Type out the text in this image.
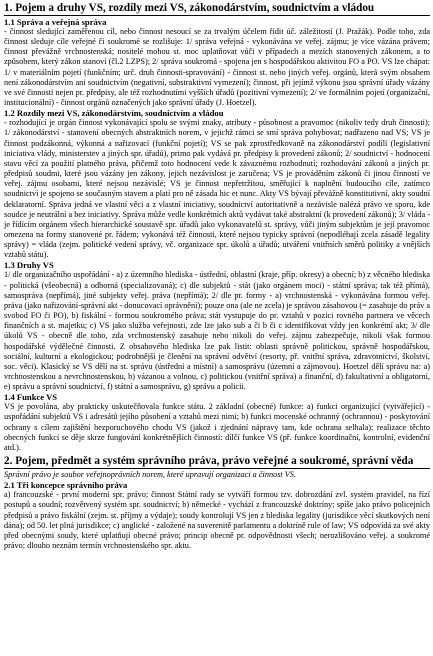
1. Pojem a druhy VS, rozdíly mezi VS, zákonodárstvím, soudnictvím a vládou
1.1 Správa a veřejná správa

- činnost sledující zaměřenou cíl, nebo činnost nesoucí se za trvalým účelem řídit úč. záležitostí (J. Pražák). Podle toho, zda činnost sleduje cíle veřejné či soukromé se rozlišuje: 1/ správa veřejná - vykonávána ve veřej. zájmu; je více vázána právem; činnost převážně vrchnostenská; nositelé mohou st. moc uplatňovat vůči v případech a mezích stanovených zákonem, a to způsobem, který zákon stanoví (čl.2 LZPS); 2/ správa soukromá - spojena jen s hospodářskou aktivitou FO a PO. VS lze chápat: 1/ v materiálním pojetí (funkčním; urč. druh činnosti-spravování) - činnost st. nebo jiných veřej. orgánů, která svým obsahem není zákonodárstvím ani soudnictvím (negativní, substraktivní vymezení); činnost, při jejímž výkonu jsou správní úřady vázány ve své činnosti nejen pr. předpisy, ale též rozhodnutími vyšších úřadů (pozitivní vymezení); 2/ ve formálním pojetí (organizační, institucionální) - činnost orgánů označených jako správní úřady (J. Hoetzel).

1.2 Rozdíly mezi VS, zákonodárstvím, soudnictvím a vládou

- rozhodující je orgán činnost vykonávající spolu se svými znaky, atributy - působnost a pravomoc (nikoliv tedy druh činnosti); 1/ zákonodárství - stanovení obecných abstraktních norem, v jejichž rámci se smí správa pohybovat; nadřazeno nad VS; VS je činnost podzákonná, výkonná a nařizovací (funkční pojetí); VS se pak zprostředkovaně na zákonodárství podílí (legislativní iniciativa vlády, ministerstev a jiných spr. úřadů), primo pak vydává pr. předpisy k provedení zákonů; 2/ soudnictví - hodnocení stavu věcí za použití platného práva, přičemž toto hodnocení vede k závaznému rozhodnutí; rozhodování zákonů a jiných pr. předpisů soudmi, které jsou vázány jen zákony, jejich nezávislost je zaručena; VS je prováděním zákonů či jinou činností ve veřej. zájmu osobami, které nejsou nezávislé; VS je činnost nepřetržitou, směřující k naplnění budoucího cíle, zatímco soudnictví je spojeno se současným stavem a platí pro ně zásada hic et nunc. Akty VS bývají převážně konstitutivní, akty soudní deklaratorní. Správa jedná ve vlastní věci a z vlastní iniciativy, soudnictví autoritativně a nezávisle nalézá právo ve sporu, kde soudce je neutrální a bez iniciativy. Správa může vedle konkrétních aktů vydávat také abstraktní (k provedení zákonů); 3/ vláda - je řídícím orgánem všech hierarchické soustavě spr. úřadů jako vykonavatelů st. správy, vůči jiným subjektům je její pravomoc omezena na formy stanovené pr. řádem; vykonává též činnosti, které nejsou typicky správní (nepodléhají zcela zásadě legality správy) = vláda (zejm. politické vedení správy, vč. organizace spr. úkolů a úřadů; utváření vnitřních směrů politiky a vnějších vztahů státu).

1.3 Druhy VS

1/ dle organizačního uspořádání - a) z územního hlediska - ústřední, oblastní (kraje, příp. okresy) a obecní; b) z věcného hlediska - politická (všeobecná) a odborná (specializovaná); c) dle subjektů - stát (jako orgánem moci) - státní správa; tak též přímá), samospráva (nepřímá), jiné subjekty veřej. práva (nepřímá); 2/ dle pr. formy - a) vrchnostenská - vykonávána formou veřej. práva (jako nařizování-správní akt - donucovací oprávnění); pouze ona (ale ne zcela) je správou zásahovou (= zasahuje do práv a svobod FO či PO), b) fiskální - formou soukromého práva; stát vystupuje do pr. vztahů v pozici rovného partnera ve věcech finančních a st. majetku; c) VS jako služba veřejnosti, zde lze jako sub a či b či c identifikovat vždy jen konkrétní akt; 3/ dle úkolů VS - obecně dle toho, zda vrchnostenský zasahuje nebo nikoli do veřej. zájmu zabezpečuje, nikoli však formou hospodářské výdělečné činnosti. Z obsahového hlediska lze pak listit: oblasti správně politickou, správně hospodářskou, sociální, kulturní a ekologickou; podrobnější je členění na správní odvětví (resorty, př. vnitřní správa, zdravotnictví, školství, soc. věci). Klasický se VS dělí na st. správu (ústřední a místní) a samosprávu (územní a zájmovou). Hoetzel dělí správu na: a) vrchnostenskou a nevrchnostenskou, b) vázanou a volnou, c) politickou (vnitřní správa) a finanční, d) fakultativní a obligatorní, e) správu a správní soudnictví, f) státní a samosprávu, g) správu a policii.

1.4 Funkce VS

VS je povolána, aby prakticky uskutečňovala funkce státu. 2 základní (obecné) funkce: a) funkci organizující (vytvářející) - uspořádání subjektů VS i adresátů jejího působení a vztahů mezi nimi; b) funkci mocenské ochranný (ochrannou) - poskytování ochrany s cílem zajištění bezporuchového chodu VS (jakož i zjednání nápravy tam, kde ochrana selhala); realizace těchto obecných funkcí se děje skrze fungování konkrétnějších činností: dílčí funkce VS (př. funkce koordinační, kontrolní, evidenční atd.).

2. Pojem, předmět a systém správního práva, právo veřejné a soukromé, správní věda

Správní právo je soubor veřejnoprávních norem, které upravují organizaci a činnost VS.

2.1 Tři koncepce správního práva

a) francouzské - první moderní spr. právo; činnost Státní rady se vytváří formou tzv. dobrozdání zvl. systém pravidel, na řízí postupů a soudní; rozvětvený systém spr. soudnictví; b) německé - vychází z francouzské doktríny; spíše jako právo policejních předpisů a právo fiskální (zejm. st. příjmy a výdaje); soudy kontrolují VS jen z hlediska legality (jurisdikce věcí skutkových není dána); od 50. let plná jurisdikce; c) anglické - založené na suverenitě parlamentu a doktríně rule of law; VS odpovídá za své akty před obecnými soudy, které uplatňují obecné právo; princip obecně pr. odpovědnosti všech; nerozlišováno veřej. a soukromé právo; dlouho neznám termín vrchnostenského spr. aktu.
